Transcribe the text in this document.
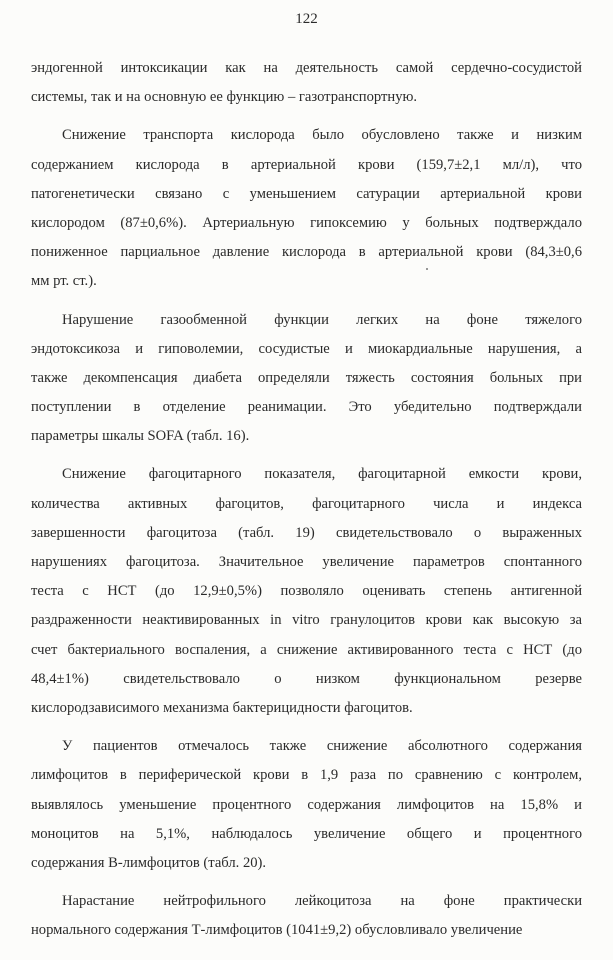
122
эндогенной интоксикации как на деятельность самой сердечно-сосудистой
системы, так и на основную ее функцию – газотранспортную.
Снижение транспорта кислорода было обусловлено также и низким
содержанием кислорода в артериальной крови (159,7±2,1 мл/л), что
патогенетически связано с уменьшением сатурации артериальной крови
кислородом (87±0,6%). Артериальную гипоксемию у больных подтверждало
пониженное парциальное давление кислорода в артериальной крови (84,3±0,6
мм рт. ст.).
Нарушение газообменной функции легких на фоне тяжелого
эндотоксикоза и гиповолемии, сосудистые и миокардиальные нарушения, а
также декомпенсация диабета определяли тяжесть состояния больных при
поступлении в отделение реанимации. Это убедительно подтверждали
параметры шкалы SOFA (табл. 16).
Снижение фагоцитарного показателя, фагоцитарной емкости крови,
количества активных фагоцитов, фагоцитарного числа и индекса
завершенности фагоцитоза (табл. 19) свидетельствовало о выраженных
нарушениях фагоцитоза. Значительное увеличение параметров спонтанного
теста с НСТ (до 12,9±0,5%) позволяло оценивать степень антигенной
раздраженности неактивированных in vitro гранулоцитов крови как высокую за
счет бактериального воспаления, а снижение активированного теста с НСТ (до
48,4±1%) свидетельствовало о низком функциональном резерве
кислородзависимого механизма бактерицидности фагоцитов.
У пациентов отмечалось также снижение абсолютного содержания
лимфоцитов в периферической крови в 1,9 раза по сравнению с контролем,
выявлялось уменьшение процентного содержания лимфоцитов на 15,8% и
моноцитов на 5,1%, наблюдалось увеличение общего и процентного
содержания В-лимфоцитов (табл. 20).
Нарастание нейтрофильного лейкоцитоза на фоне практически
нормального содержания Т-лимфоцитов (1041±9,2) обусловливало увеличение
